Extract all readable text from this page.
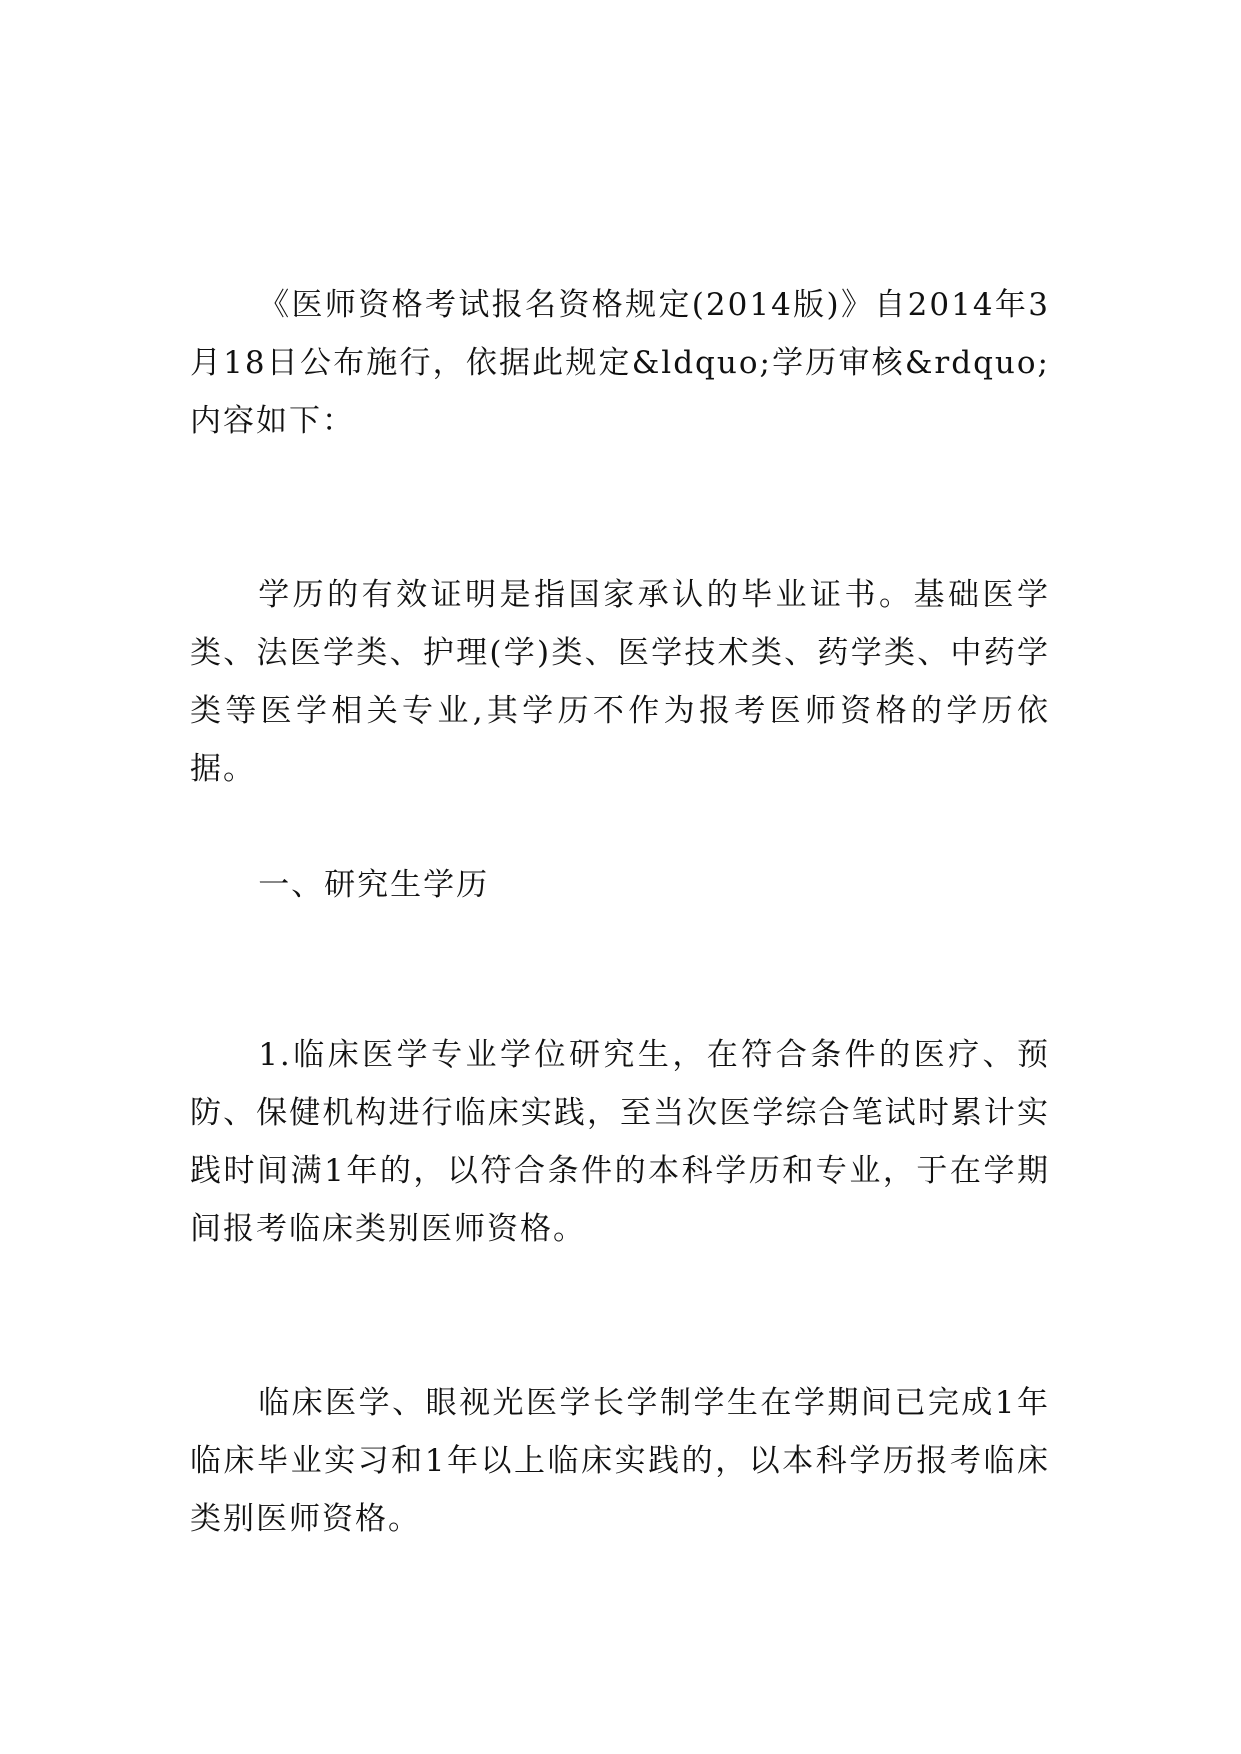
《医师资格考试报名资格规定(2014版)》自2014年3月18日公布施行，依据此规定&ldquo;学历审核&rdquo;内容如下：

学历的有效证明是指国家承认的毕业证书。基础医学类、法医学类、护理(学)类、医学技术类、药学类、中药学类等医学相关专业,其学历不作为报考医师资格的学历依据。

一、研究生学历

1.临床医学专业学位研究生，在符合条件的医疗、预防、保健机构进行临床实践，至当次医学综合笔试时累计实践时间满1年的，以符合条件的本科学历和专业，于在学期间报考临床类别医师资格。

临床医学、眼视光医学长学制学生在学期间已完成1年临床毕业实习和1年以上临床实践的，以本科学历报考临床类别医师资格。
